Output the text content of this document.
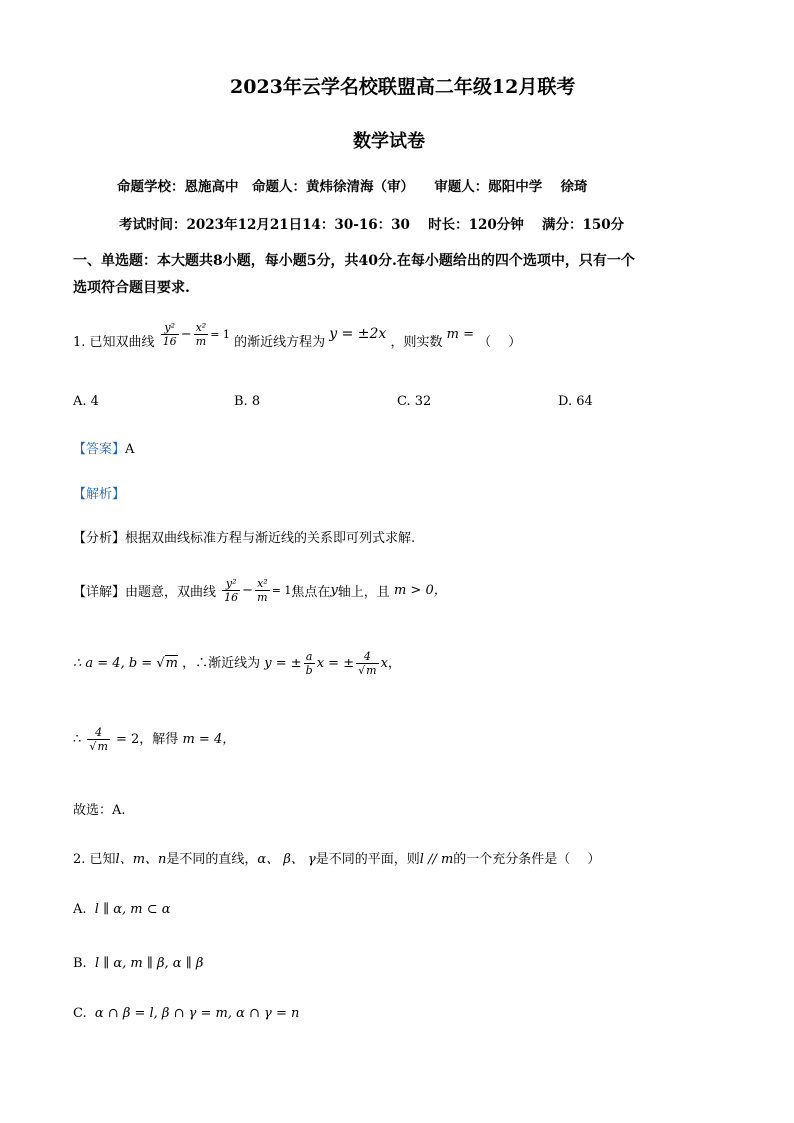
2023年云学名校联盟高二年级12月联考
数学试卷
命题学校：恩施高中　命题人：黄炜徐清海（审）　　审题人：郧阳中学　 徐琦
考试时间：2023年12月21日14：30-16：30　 时长：120分钟　 满分：150分
一、单选题：本大题共8小题，每小题5分，共40分.在每小题给出的四个选项中，只有一个
选项符合题目要求.
1. 已知双曲线 $\frac{\text{y²}}{16} - \frac{\text{x²}}{m} = 1$ 的渐近线方程为 y = ±2x ，则实数 m = （　 ）
A. 4	B. 8	C. 32	D. 64
【答案】A
【解析】
【分析】根据双曲线标准方程与渐近线的关系即可列式求解.
【详解】由题意，双曲线 $\frac{\text{y²}}{16} - \frac{\text{x²}}{m} = 1$焦点在y轴上，且 m > 0，
∴ a = 4, b = √m ，∴渐近线为 y = ± $\frac{a}{b}$ x = ± $\frac{4}{√m}$ x，
∴ $\frac{4}{√m} = 2$，解得 m = 4，
故选：A.
2. 已知l、m、n是不同的直线，α、 β、 γ是不同的平面，则l // m的一个充分条件是（　 ）
A. l ∥ α, m ⊂ α
B. l ∥ α, m ∥ β, α ∥ β
C. α ∩ β = l, β ∩ γ = m, α ∩ γ = n
